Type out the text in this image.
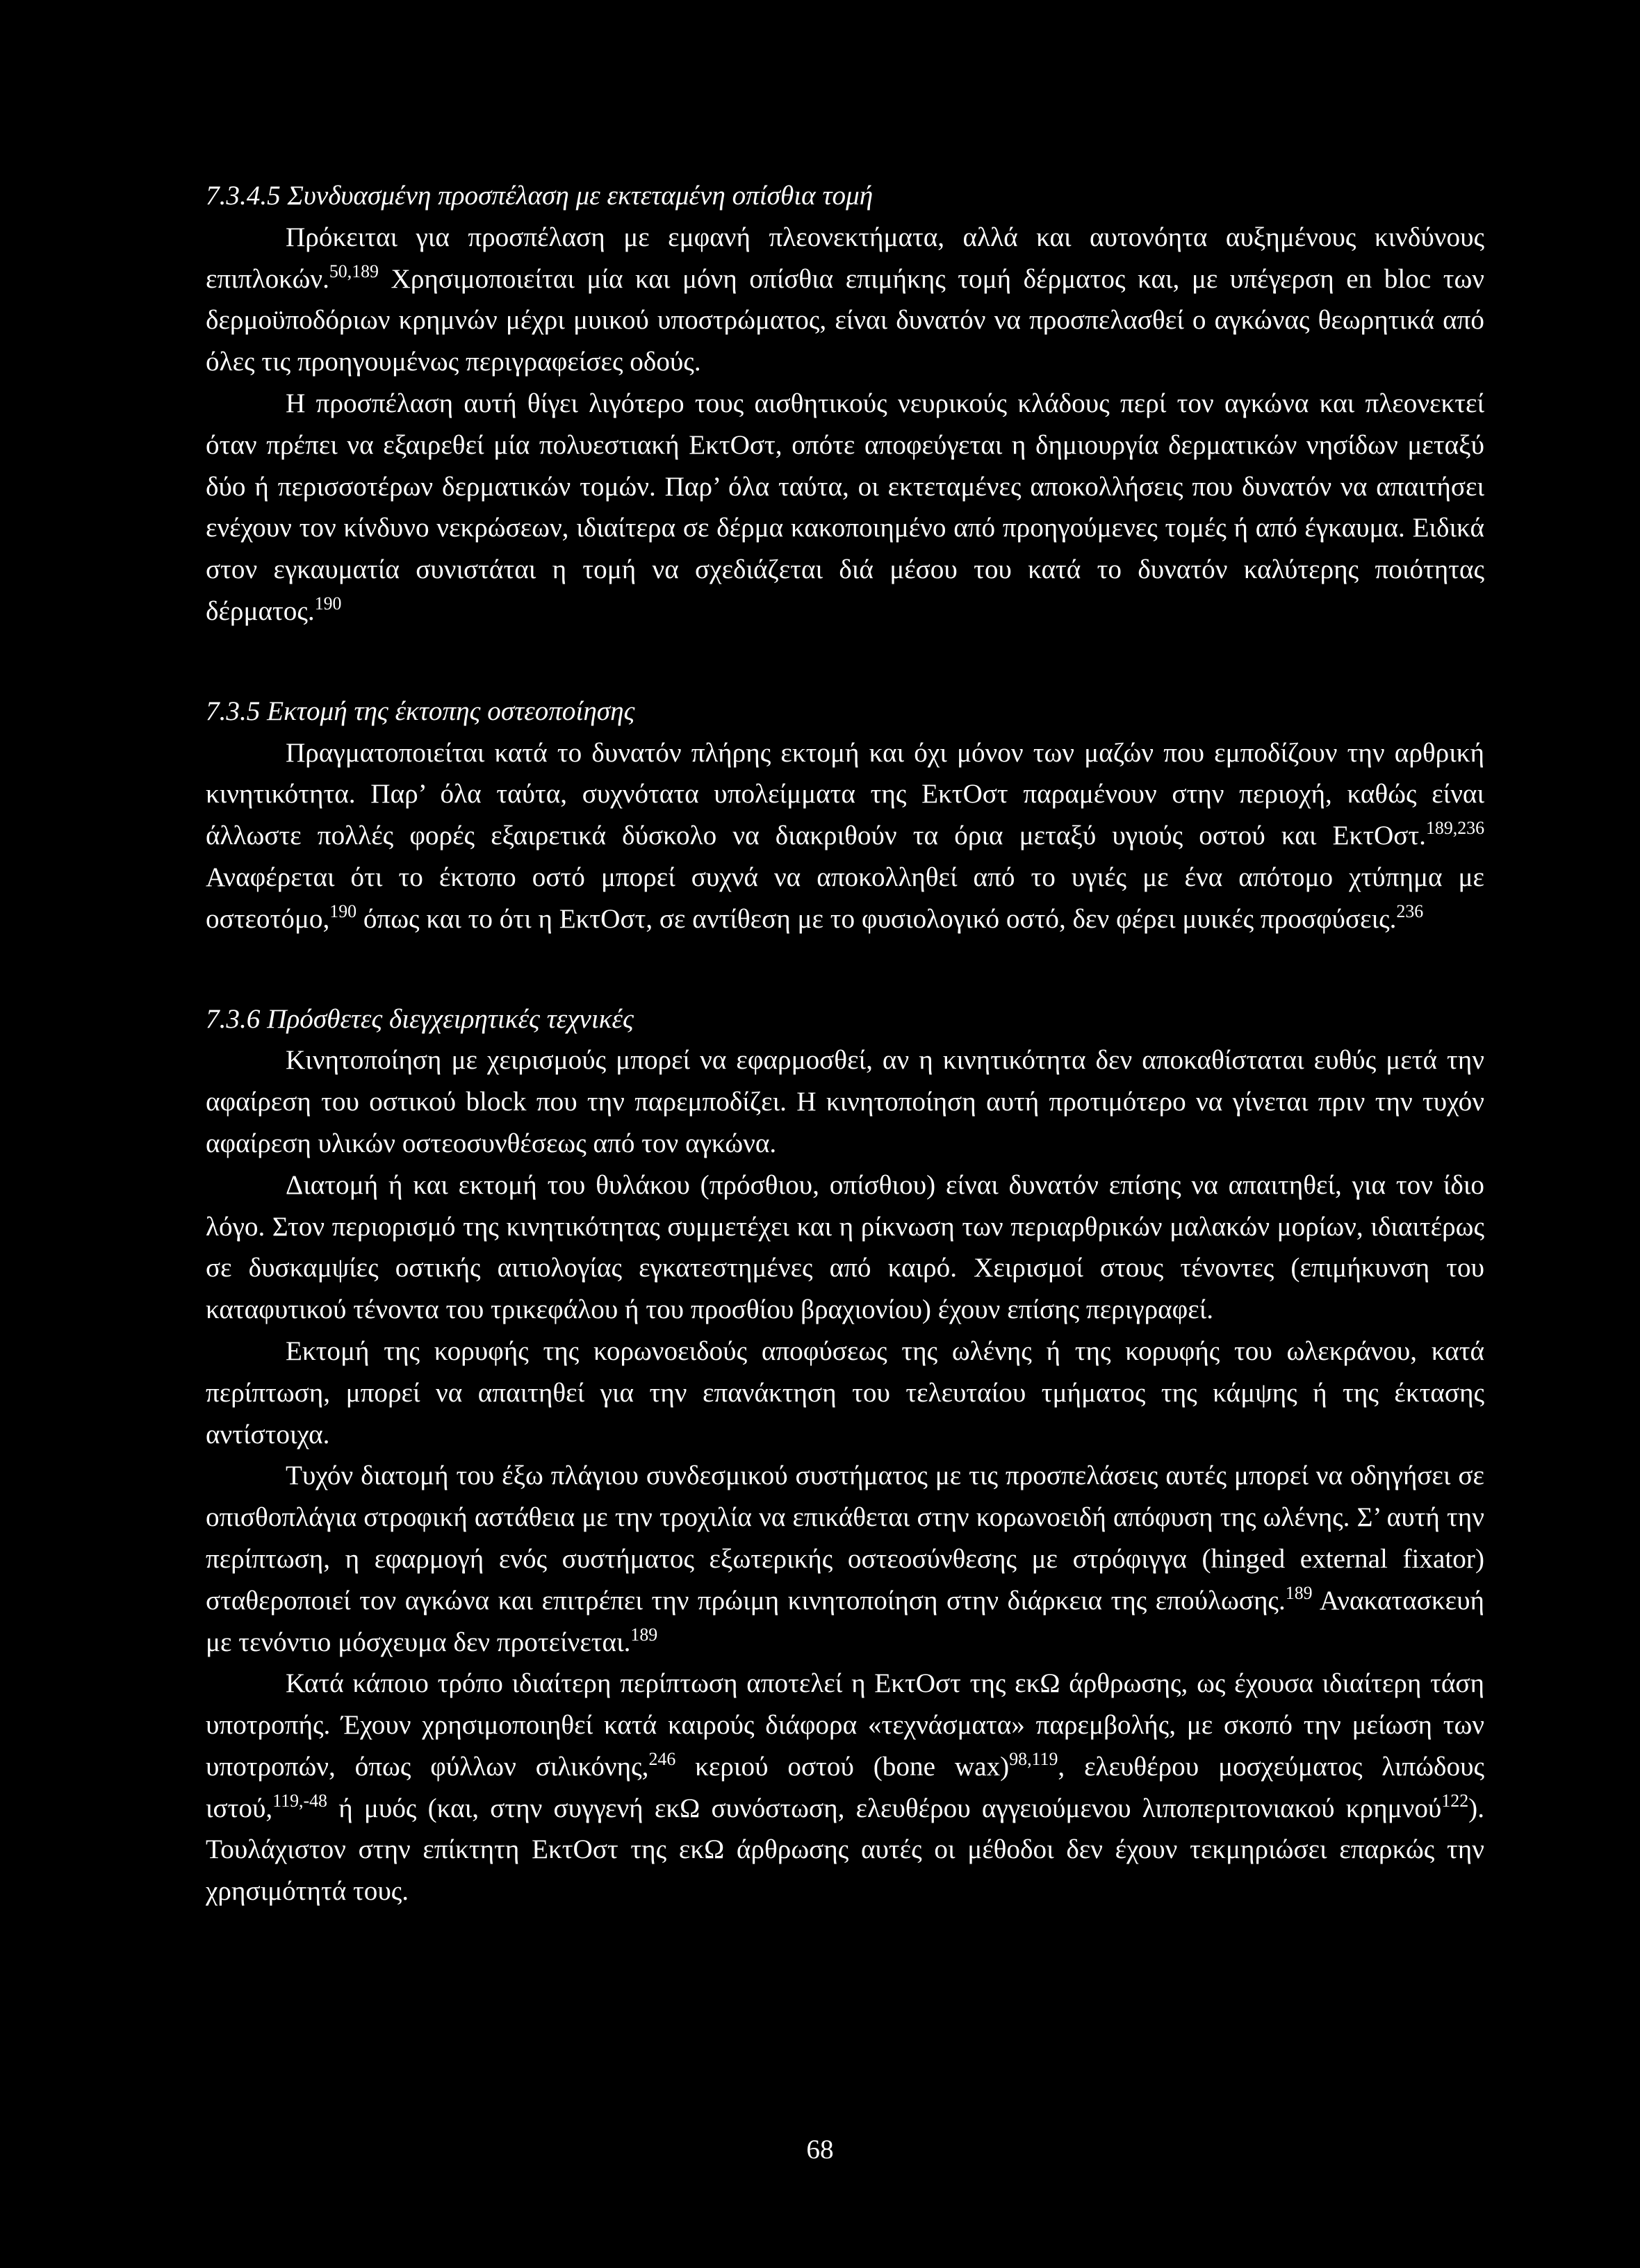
7.3.4.5 Συνδυασμένη προσπέλαση με εκτεταμένη οπίσθια τομή

Πρόκειται για προσπέλαση με εμφανή πλεονεκτήματα, αλλά και αυτονόητα αυξημένους κινδύνους επιπλοκών.$^{50,189}$ Χρησιμοποιείται μία και μόνη οπίσθια επιμήκης τομή δέρματος και, με υπέγερση en bloc των δερμοϋποδόριων κρημνών μέχρι μυικού υποστρώματος, είναι δυνατόν να προσπελασθεί ο αγκώνας θεωρητικά από όλες τις προηγουμένως περιγραφείσες οδούς.

Η προσπέλαση αυτή θίγει λιγότερο τους αισθητικούς νευρικούς κλάδους περί τον αγκώνα και πλεονεκτεί όταν πρέπει να εξαιρεθεί μία πολυεστιακή ΕκτΟστ, οπότε αποφεύγεται η δημιουργία δερματικών νησίδων μεταξύ δύο ή περισσοτέρων δερματικών τομών. Παρ’ όλα ταύτα, οι εκτεταμένες αποκολλήσεις που δυνατόν να απαιτήσει ενέχουν τον κίνδυνο νεκρώσεων, ιδιαίτερα σε δέρμα κακοποιημένο από προηγούμενες τομές ή από έγκαυμα. Ειδικά στον εγκαυματία συνιστάται η τομή να σχεδιάζεται διά μέσου του κατά το δυνατόν καλύτερης ποιότητας δέρματος.$^{190}$

7.3.5 Εκτομή της έκτοπης οστεοποίησης

Πραγματοποιείται κατά το δυνατόν πλήρης εκτομή και όχι μόνον των μαζών που εμποδίζουν την αρθρική κινητικότητα. Παρ’ όλα ταύτα, συχνότατα υπολείμματα της ΕκτΟστ παραμένουν στην περιοχή, καθώς είναι άλλωστε πολλές φορές εξαιρετικά δύσκολο να διακριθούν τα όρια μεταξύ υγιούς οστού και ΕκτΟστ.$^{189,236}$ Αναφέρεται ότι το έκτοπο οστό μπορεί συχνά να αποκολληθεί από το υγιές με ένα απότομο χτύπημα με οστεοτόμο,$^{190}$ όπως και το ότι η ΕκτΟστ, σε αντίθεση με το φυσιολογικό οστό, δεν φέρει μυικές προσφύσεις.$^{236}$

7.3.6 Πρόσθετες διεγχειρητικές τεχνικές

Κινητοποίηση με χειρισμούς μπορεί να εφαρμοσθεί, αν η κινητικότητα δεν αποκαθίσταται ευθύς μετά την αφαίρεση του οστικού block που την παρεμποδίζει. Η κινητοποίηση αυτή προτιμότερο να γίνεται πριν την τυχόν αφαίρεση υλικών οστεοσυνθέσεως από τον αγκώνα.

Διατομή ή και εκτομή του θυλάκου (πρόσθιου, οπίσθιου) είναι δυνατόν επίσης να απαιτηθεί, για τον ίδιο λόγο. Στον περιορισμό της κινητικότητας συμμετέχει και η ρίκνωση των περιαρθρικών μαλακών μορίων, ιδιαιτέρως σε δυσκαμψίες οστικής αιτιολογίας εγκατεστημένες από καιρό. Χειρισμοί στους τένοντες (επιμήκυνση του καταφυτικού τένοντα του τρικεφάλου ή του προσθίου βραχιονίου) έχουν επίσης περιγραφεί.

Εκτομή της κορυφής της κορωνοειδούς αποφύσεως της ωλένης ή της κορυφής του ωλεκράνου, κατά περίπτωση, μπορεί να απαιτηθεί για την επανάκτηση του τελευταίου τμήματος της κάμψης ή της έκτασης αντίστοιχα.

Τυχόν διατομή του έξω πλάγιου συνδεσμικού συστήματος με τις προσπελάσεις αυτές μπορεί να οδηγήσει σε οπισθοπλάγια στροφική αστάθεια με την τροχιλία να επικάθεται στην κορωνοειδή απόφυση της ωλένης. Σ’ αυτή την περίπτωση, η εφαρμογή ενός συστήματος εξωτερικής οστεοσύνθεσης με στρόφιγγα (hinged external fixator) σταθεροποιεί τον αγκώνα και επιτρέπει την πρώιμη κινητοποίηση στην διάρκεια της επούλωσης.$^{189}$ Ανακατασκευή με τενόντιο μόσχευμα δεν προτείνεται.$^{189}$

Κατά κάποιο τρόπο ιδιαίτερη περίπτωση αποτελεί η ΕκτΟστ της εκΩ άρθρωσης, ως έχουσα ιδιαίτερη τάση υποτροπής. Έχουν χρησιμοποιηθεί κατά καιρούς διάφορα «τεχνάσματα» παρεμβολής, με σκοπό την μείωση των υποτροπών, όπως φύλλων σιλικόνης,$^{246}$ κεριού οστού (bone wax)$^{98,119}$, ελευθέρου μοσχεύματος λιπώδους ιστού,$^{119,-48}$ ή μυός (και, στην συγγενή εκΩ συνόστωση, ελευθέρου αγγειούμενου λιποπεριτονιακού κρημνού$^{122}$). Τουλάχιστον στην επίκτητη ΕκτΟστ της εκΩ άρθρωσης αυτές οι μέθοδοι δεν έχουν τεκμηριώσει επαρκώς την χρησιμότητά τους.

68
